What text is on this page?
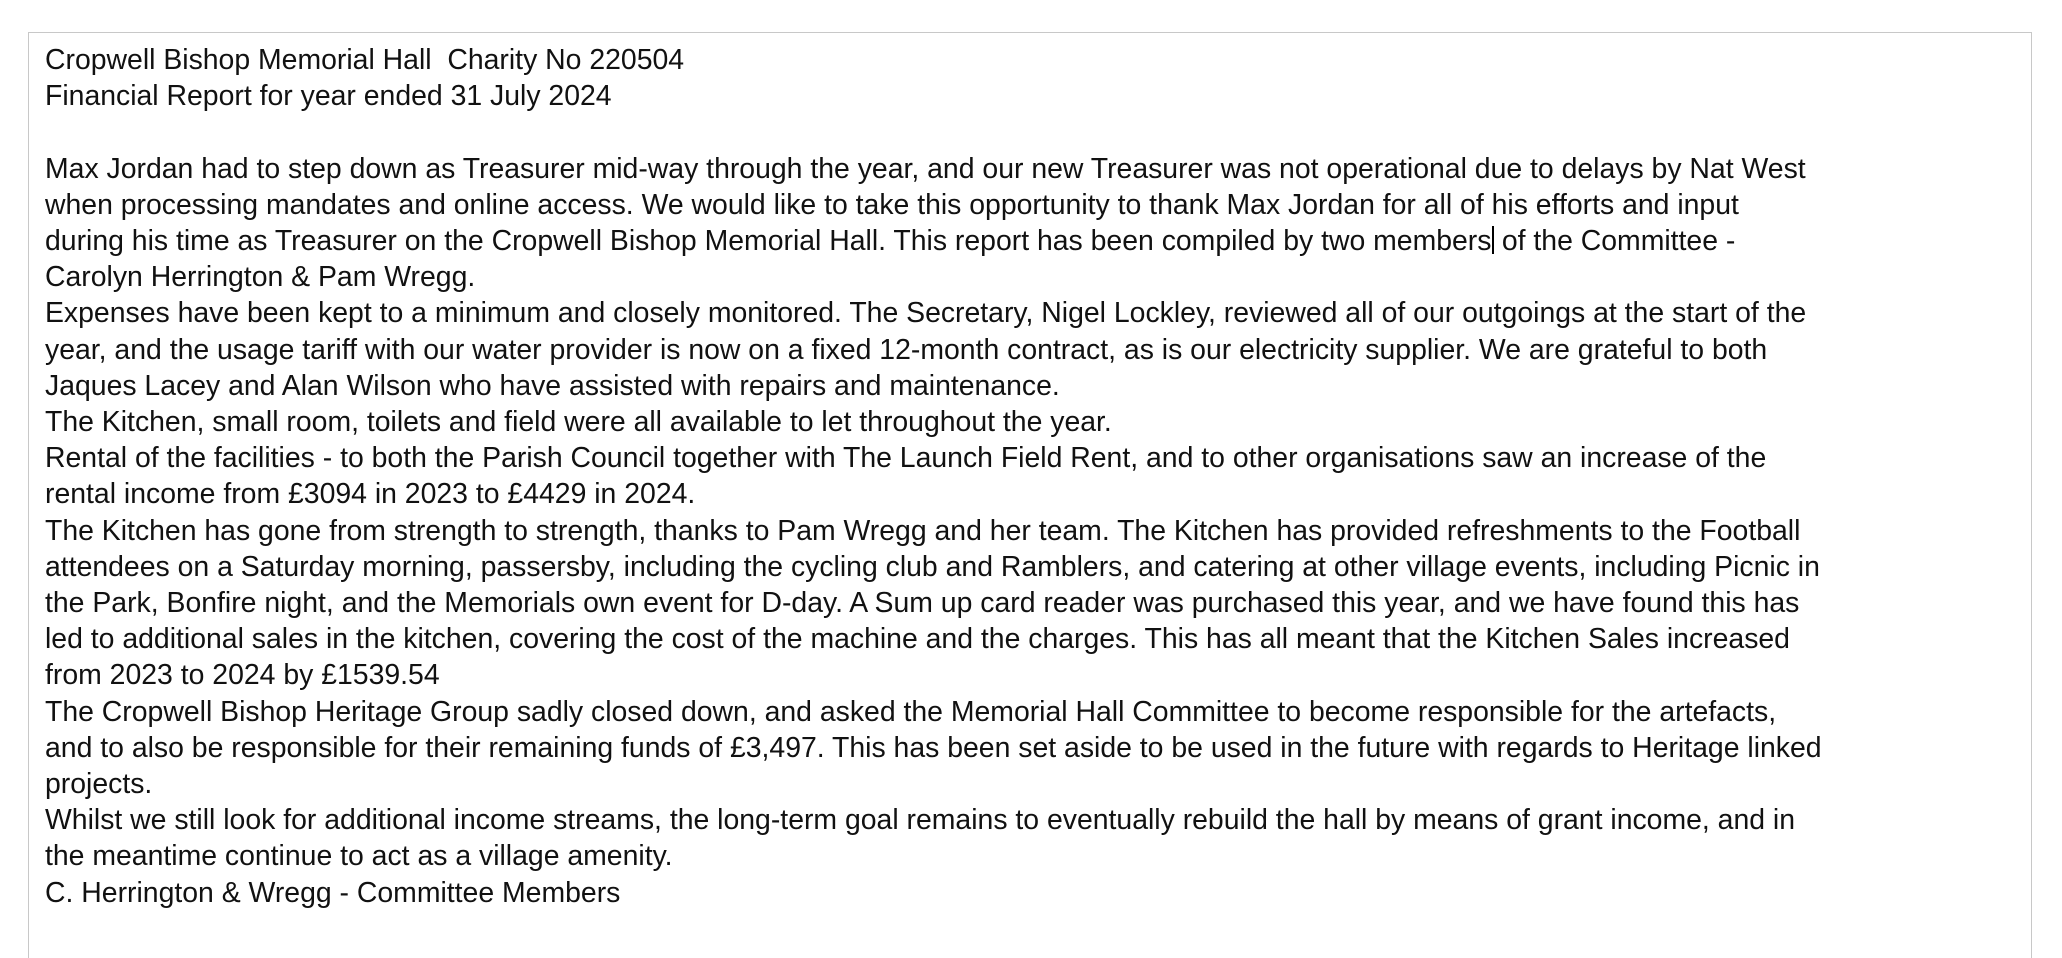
Cropwell Bishop Memorial Hall  Charity No 220504
Financial Report for year ended 31 July 2024
Max Jordan had to step down as Treasurer mid-way through the year, and our new Treasurer was not operational due to delays by Nat West
when processing mandates and online access. We would like to take this opportunity to thank Max Jordan for all of his efforts and input
during his time as Treasurer on the Cropwell Bishop Memorial Hall. This report has been compiled by two members of the Committee -
Carolyn Herrington & Pam Wregg.
Expenses have been kept to a minimum and closely monitored. The Secretary, Nigel Lockley, reviewed all of our outgoings at the start of the
year, and the usage tariff with our water provider is now on a fixed 12-month contract, as is our electricity supplier. We are grateful to both
Jaques Lacey and Alan Wilson who have assisted with repairs and maintenance.
The Kitchen, small room, toilets and field were all available to let throughout the year.
Rental of the facilities - to both the Parish Council together with The Launch Field Rent, and to other organisations saw an increase of the
rental income from £3094 in 2023 to £4429 in 2024.
The Kitchen has gone from strength to strength, thanks to Pam Wregg and her team. The Kitchen has provided refreshments to the Football
attendees on a Saturday morning, passersby, including the cycling club and Ramblers, and catering at other village events, including Picnic in
the Park, Bonfire night, and the Memorials own event for D-day. A Sum up card reader was purchased this year, and we have found this has
led to additional sales in the kitchen, covering the cost of the machine and the charges. This has all meant that the Kitchen Sales increased
from 2023 to 2024 by £1539.54
The Cropwell Bishop Heritage Group sadly closed down, and asked the Memorial Hall Committee to become responsible for the artefacts,
and to also be responsible for their remaining funds of £3,497. This has been set aside to be used in the future with regards to Heritage linked
projects.
Whilst we still look for additional income streams, the long-term goal remains to eventually rebuild the hall by means of grant income, and in
the meantime continue to act as a village amenity.
C. Herrington & Wregg - Committee Members
